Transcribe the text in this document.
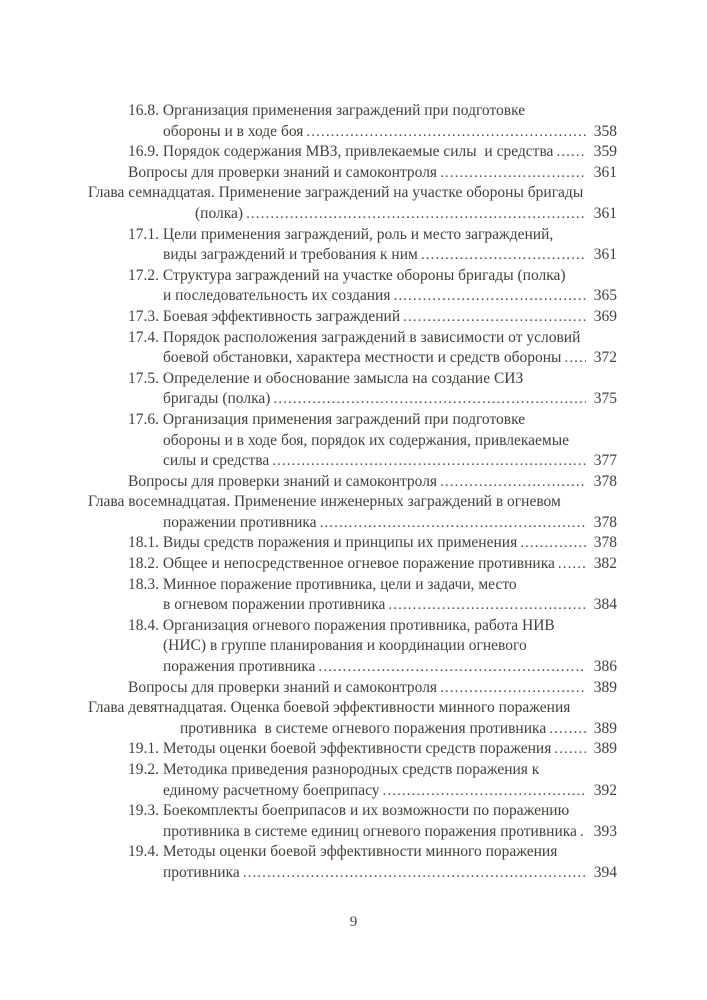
16.8. Организация применения заграждений при подготовке
обороны и в ходе боя .....	358
16.9. Порядок содержания МВЗ, привлекаемые силы  и средства .....	359
Вопросы для проверки знаний и самоконтроля .....	361
Глава семнадцатая. Применение заграждений на участке обороны бригады
(полка) .....	361
17.1. Цели применения заграждений, роль и место заграждений,
виды заграждений и требования к ним .....	361
17.2. Структура заграждений на участке обороны бригады (полка)
и последовательность их создания .....	365
17.3. Боевая эффективность заграждений .....	369
17.4. Порядок расположения заграждений в зависимости от условий
боевой обстановки, характера местности и средств обороны ..... 372
17.5. Определение и обоснование замысла на создание СИЗ
бригады (полка) .....	375
17.6. Организация применения заграждений при подготовке
обороны и в ходе боя, порядок их содержания, привлекаемые
силы и средства .....	377
Вопросы для проверки знаний и самоконтроля .....	378
Глава восемнадцатая. Применение инженерных заграждений в огневом
поражении противника .....	378
18.1. Виды средств поражения и принципы их применения .....	378
18.2. Общее и непосредственное огневое поражение противника .....	382
18.3. Минное поражение противника, цели и задачи, место
в огневом поражении противника .....	384
18.4. Организация огневого поражения противника, работа НИВ
(НИС) в группе планирования и координации огневого
поражения противника .....	386
Вопросы для проверки знаний и самоконтроля .....	389
Глава девятнадцатая. Оценка боевой эффективности минного поражения
противника  в системе огневого поражения противника .....	389
19.1. Методы оценки боевой эффективности средств поражения .....	389
19.2. Методика приведения разнородных средств поражения к
единому расчетному боеприпасу .....	392
19.3. Боекомплекты боеприпасов и их возможности по поражению
противника в системе единиц огневого поражения противника ..... 393
19.4. Методы оценки боевой эффективности минного поражения
противника .....	394
9
